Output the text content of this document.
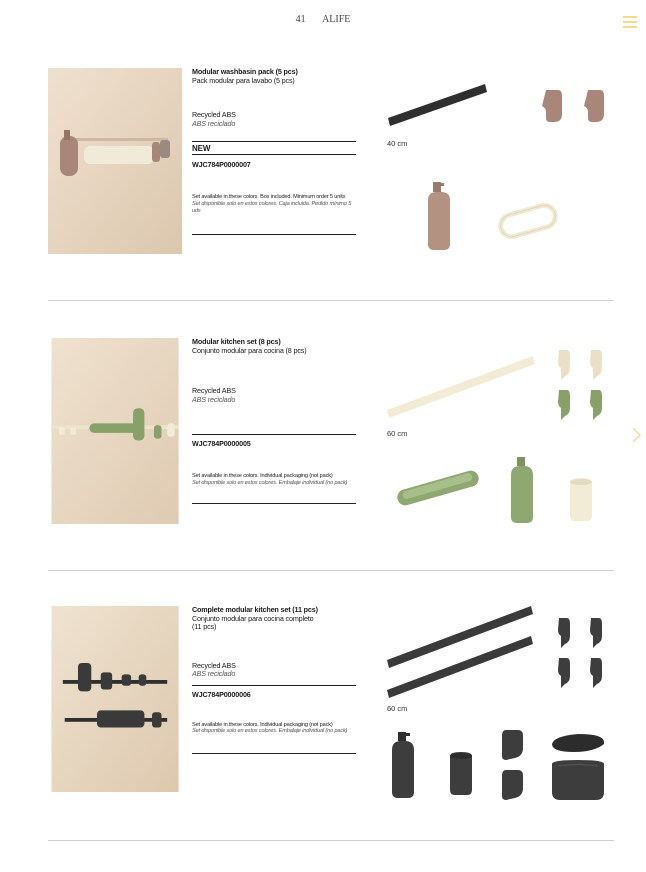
41 ALIFE
Modular washbasin pack (5 pcs)
Pack modular para lavabo (5 pcs)
Recycled ABS
ABS reciclado
NEW
WJC784P0000007
Set available in these colors. Box included. Minimum order 5 units
Set disponible solo en estos colores. Caja incluida. Pedido mínimo 5 uds
40 cm
Modular kitchen set (8 pcs)
Conjunto modular para cocina (8 pcs)
Recycled ABS
ABS reciclado
WJC784P0000005
Set available in these colors. Individual packaging (not pack)
Set disponible solo en estos colores. Embalaje individual (no pack)
60 cm
Complete modular kitchen set (11 pcs)
Conjunto modular para cocina completo (11 pcs)
Recycled ABS
ABS reciclado
WJC784P0000006
Set available in these colors. Individual packaging (not pack)
Set disponible solo en estos colores. Embalaje individual (no pack)
60 cm
